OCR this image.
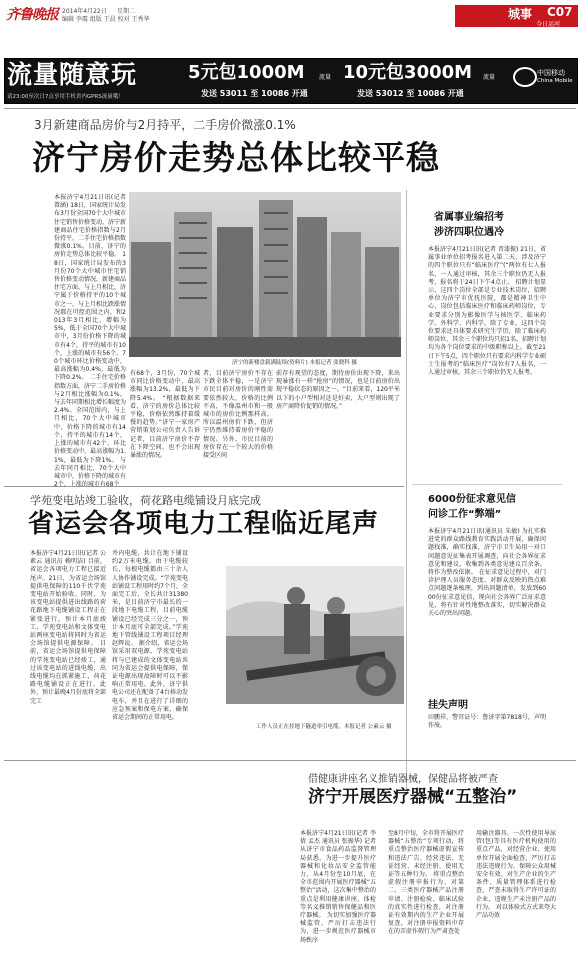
齐鲁晚报 2014年4月22日 星期二
编辑 李震 组版 王晨 校对 王秀华	城事 C07
今日运河
流量随意玩
请23:00至次日7点享用手机省内GPRS流量哦！
5元包1000M 流量
发送 53011 至 10086 开通
10元包3000M 流量
发送 53012 至 10086 开通
中国移动
China Mobile
3月新建商品房价与2月持平，二手房价微涨0.1%
济宁房价走势总体比较平稳
本报济宁4月21日讯(记者 曾涵) 18日，国家统计局发布3月份全国70个大中城市住宅销售价格变动，济宁新建商品住宅价格指数与2月份持平，二手住宅价格指数微涨0.1%。目前，济宁的房价走势总体比较平稳。 18日，国家统计局发布的3月份70个大中城市住宅销售价格变动情况，新建商品住宅方面，与上月相比，济宁属于价格持平的10个城市之一，与上月相比跌涨情况都在可控范围之内。和2013年3月相比，增幅为5%，低于全国70个大中城市中，3月份价格下降的城市有4个，持平的城市有10个，上涨的城市有56个。70个城市环比价格变动中，最高涨幅为0.4%，最低为下降0.2%。 二手住宅价格指数方面，济宁二手房价格与2月相比涨幅为0.1%，与去年同期相比增长幅度为2.4%。全国范围内，与上月相比，70个大中城市中，价格下降的城市有14个，持平的城市有14个，上涨的城市有42个。环比价格变动中，最高涨幅为1.1%，最低为下降1%。 与去年同月相比，70个大中城市中，价格下降的城市有2个，上涨的城市有68个
济宁的新楼盘载满陆续(资料片) 本报记者 张晓科 摄
有68个，3月份，70个城市同比价格变动中，最高涨幅为13.2%，最低为下降5.4%。 “根据数据来看，济宁的房价总体比较平稳，价格依然维持着缓慢的趋势。”济宁一家房产营销策划公司负责人告诉记者，目前济宁房价不存在下降空间，也不会出现暴涨的情况。
者，目前济宁房价不存在下跌全体平稳，一是济宁市民目前对房价的刚性需要依然较大，价格的比例不高，不像温州市和一般城市的房价比例那样高，所以温州房价下跌，但济宁仍然维持着房价平稳的情况。另外，市民目前的房价存在一个较大的价格接受区间
前存有观望的态度，期待房价出现下降，来出现暴涨有一样“抢房”的情况，也是目前房价出现平稳状态的原因之一。“目前来看，120平米以下的小户型相对还是好卖，大户型则出现了房产商降价促销的情况。”
省属事业编招考
涉济四职位遇冷
本报济宁4月21日讯(记者 晋漆振) 21日，省属事业单位招考报名进入第二天，涉及济宁的四个职位只有“临床医疗”(“两位有七人报名，一人通过审核，其余三个职位仍无人报考，报名将于24日下午4点止。 招聘计划显示，这四个岗位全部是专业技术岗位，招聘单位为济宁市优抚医院，都是精神卫生中心，岗位包括临床医疗和临床药师岗位，专业要求分别为影像医学与核医学、临床药学、外科学、内科学，除了专业，这四个岗位要求还具体要求研究生学历，除了临床药师岗位，其余三个职位均只招1名，招聘计划均为各个岗位要求的中级职称以上。截至21日下午5点，四个职位只有要求内科学专业硕士生报考的“临床医疗”岗位有7人报名，一人通过审核，其余三个职位仍无人报考。
6000份征求意见信
问诊工作“弊端”
本报济宁4月21日讯(通讯员 朱敏) 为扎实推进党的群众路线教育实践活动开展，确保问题找准，确实找准，济宁市卫生局用一对口问题意见征集表开展调查，向社会各界征求意见和建议，收集到各类意见建议百余条，将作为整改依据。 在征求意见过程中，对门诊护理人员服务态度、对群众反映的热点难点问题逐条梳理，列出问题清单，发放到6000份征求意见信，现向社会各界广泛征求意见，将有针对性地整改落实，切实解决群众关心的突出问题。
挂失声明
田鹏祥，警官证号：鲁济字第7818号，声明作废。
学苑变电站竣工验收，荷花路电缆铺设月底完成
省运会各项电力工程临近尾声
本报济宁4月21日讯(记者 公素云 通讯员 赖明洁) 目前，省运会各项电力工程已接近尾声。21日，为省运会场馆提供电保障的110千伏学苑变电站开始验收。同时，为该变电站提供进出线路的荷花路地下电缆铺设工程正在紧张进行，预计本月底竣工，学苑变电站和文体变电站两座变电站将同时为省运会场馆提供电源保障。 目前，省运会场馆提供电保障的学苑变电站已经竣工，通过该变电站的进线电缆，出线电缆均在抓紧施工，荷花路电缆铺设正在进行，此外，预计最晚4月份底将全部完工
井内电缆，共计在地下铺设约2万米电缆。由于电缆较长，每根电缆都由三十余人人协作铺设完成。“学苑变电站铺设工程用时约7个月，全面完工后，全长共计31380米，是目前济宁市最长的一段地下电缆工程，目前电缆铺设已经完成三分之一，预计本月底可全部完成。”学苑地下管线铺设工程项目经理赵辉说。 据介绍，省运会场馆采用双电源，学苑变电站将与已建成的文体变电站共同为省运会提供电保障，保证电源出现故障时可以不影响正常用电。此外，济宁供电公司还在配备了4台移动发电车，并且在进行了详细的应急预案和保电方案，确保省运会期间的正常用电。
工作人员正在挂地下隧道牵引电缆。本报记者 公素云 摄
借健康讲座名义推销器械，保健品将被严查
济宁开展医疗器械“五整治”
本报济宁4月21日讯(记者 李倩 孟杰 通讯员 张振华) 记者从济宁市食品药品监督管理局获悉，为进一步提升医疗器械和化妆品安全监管能力，从4月份至10月底，在全市范围内开展医疗器械“五整治”活动，这次集中整治的重点是利用健康讲座、体检等名义推销销售保健品和医疗器械。 为切实加强医疗器械监管，严厉打击违法行为，进一步规范医疗器械市场秩序
至8月中旬，全市将开展医疗器械“五整治”专项行动，将重点整治医疗器械虚假宣传和违法广告、经营违法、无证经营、未经注册、使用无证等五种行为。 将重点整治虚假注册申报行为，对第二、三类医疗器械产品注册申请、注册检验、临床试验的真实性进行检查，对注册证有效期内的生产企业开展复查，对注册申报资料中存在的弄虚作假行为严肃查处
用输注器具、一次性使用导尿管(包)等具有医疗机构使用的重点产品，对经营企业、使用单位开展全面检查，严厉打击违法违规行为，保障公众用械安全有效。对生产企业的生产条件、质量管理体系进行检查，严查未取得生产许可证的企业，违规生产未注册产品的行为。 对以体验式方式来夸大产品功效
